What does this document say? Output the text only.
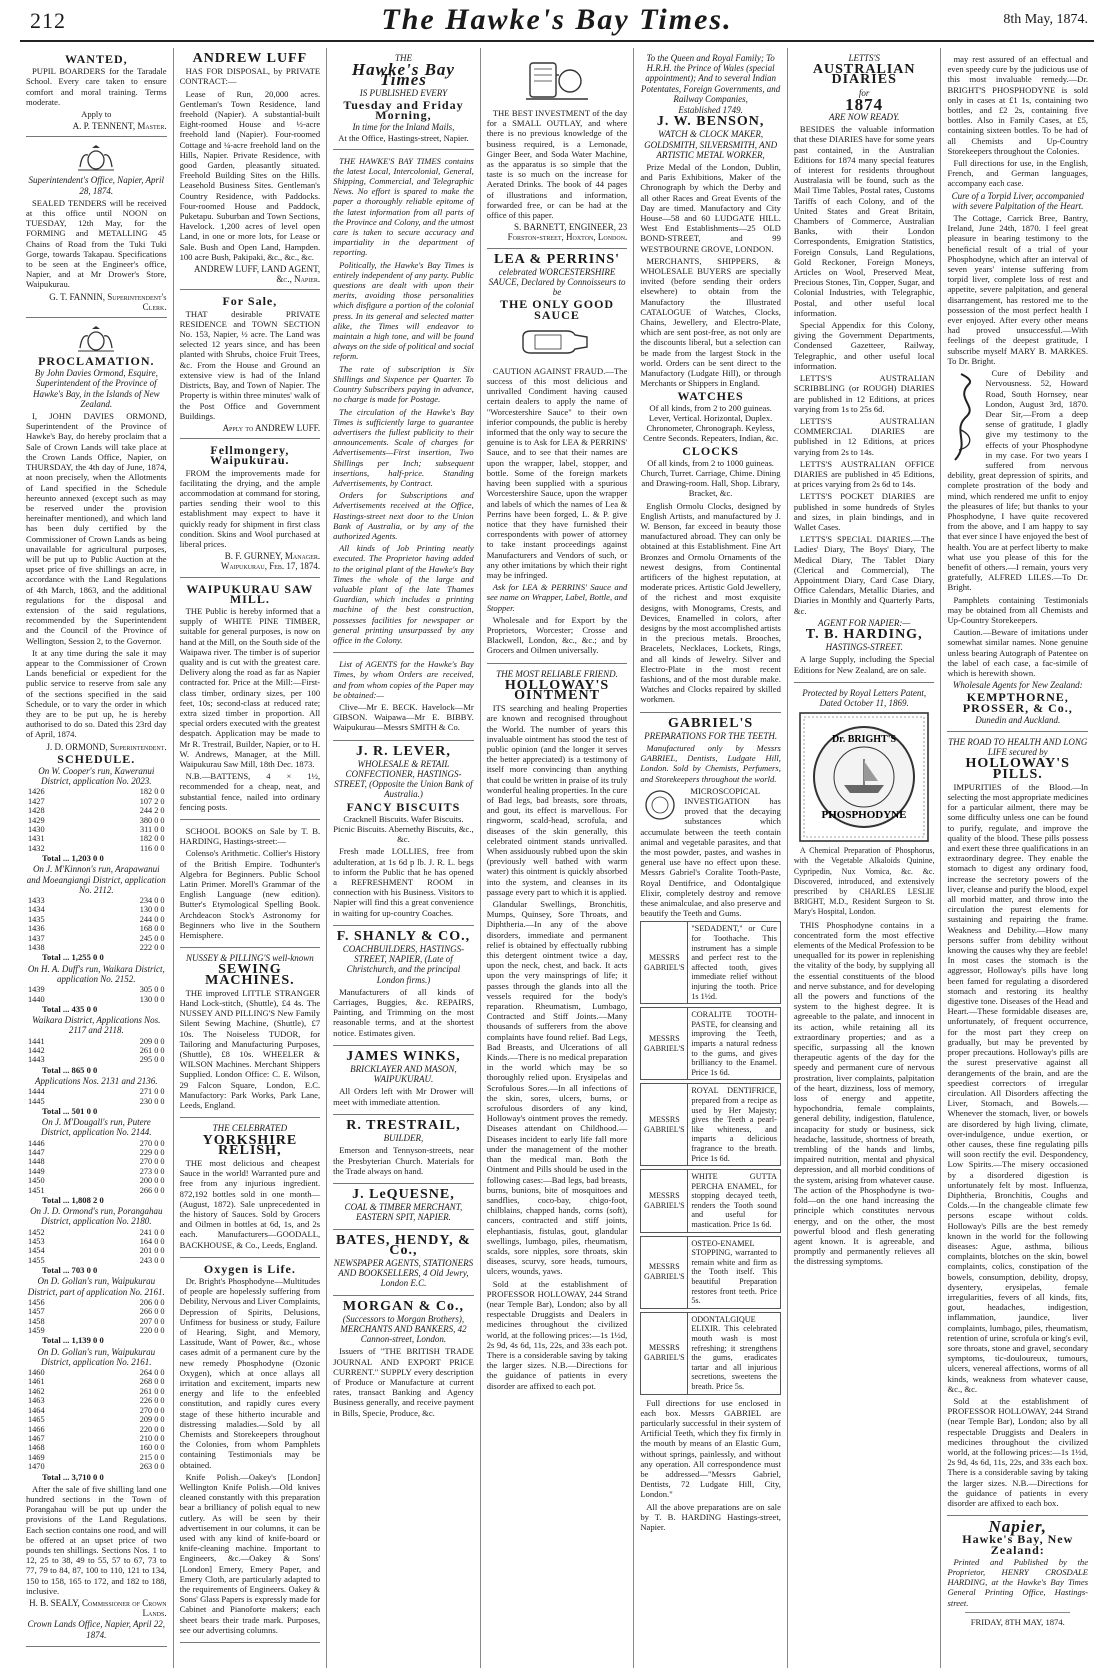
212	The Hawke's Bay Times.	8th May, 1874.
WANTED,

PUPIL BOARDERS for the Taradale School. Every care taken to ensure comfort and moral training. Terms moderate.

Apply to
A. P. TENNENT, Master.
Superintendent's Office, Napier, April 28, 1874.

SEALED TENDERS will be received at this office until NOON on TUESDAY, 12th May, for the FORMING and METALLING 45 Chains of Road from the Tuki Tuki Gorge, towards Takapau. Specifications to be seen at the Engineer's office, Napier, and at Mr Drower's Store, Waipukurau.

G. T. FANNIN, Superintendent's Clerk.
PROCLAMATION.
By John Davies Ormond, Esquire, Superintendent of the Province of Hawke's Bay, in the Islands of New Zealand.

I, JOHN DAVIES ORMOND, Superintendent of the Province of Hawke's Bay, do hereby proclaim that a Sale of Crown Lands will take place at the Crown Lands Office, Napier, on THURSDAY, the 4th day of June, 1874, at noon precisely, when the Allotments of Land specified in the Schedule hereunto annexed (except such as may be reserved under the provision hereinafter mentioned), and which land has been duly certified by the Commissioner of Crown Lands as being unavailable for agricultural purposes, will be put up to Public Auction at the upset price of five shillings an acre, in accordance with the Land Regulations of 4th March, 1863, and the additional regulations for the disposal and extension of the said regulations, recommended by the Superintendent and the Council of the Province of Wellington, Session 2, to the Governor.

It at any time during the sale it may appear to the Commissioner of Crown Lands beneficial or expedient for the public service to reserve from sale any of the sections specified in the said Schedule, or to vary the order in which they are to be put up, he is hereby authorised to do so. Dated this 23rd day of April, 1874.

J. D. ORMOND, Superintendent.
SCHEDULE.
On W. Cooper's run, Kaweranui District, application No. 2023.
1426	182 0 0
1427	107 2 0
1428	244 2 0
1429	380 0 0
1430	311 0 0
1431	182 0 0
1432	116 0 0
Total ... 1,203 0 0
On J. M'Kinnon's run, Arapawanui and Moeangiangi District, application No. 2112.
1433	234 0 0
1434	130 0 0
1435	244 0 0
1436	168 0 0
1437	245 0 0
1438	222 0 0
Total ... 1,255 0 0
On H. A. Duff's run, Waikara District, application No. 2152.
1439	305 0 0
1440	130 0 0
Total ... 435 0 0
Waikara District, Applications Nos. 2117 and 2118.
1441	209 0 0
1442	261 0 0
1443	295 0 0
Total ... 865 0 0
Applications Nos. 2131 and 2136.
1444	271 0 0
1445	230 0 0
Total ... 501 0 0
On J. M'Dougall's run, Putere District, application No. 2144.
1446	270 0 0
1447	229 0 0
1448	270 0 0
1449	273 0 0
1450	200 0 0
1451	266 0 0
Total ... 1,808 2 0
On J. D. Ormond's run, Porangahau District, application No. 2180.
1452	241 0 0
1453	164 0 0
1454	201 0 0
1455	243 0 0
Total ... 703 0 0
On D. Gollan's run, Waipukurau District, part of application No. 2161.
1456	206 0 0
1457	266 0 0
1458	207 0 0
1459	220 0 0
Total ... 1,139 0 0
On D. Gollan's run, Waipukurau District, application No. 2161.
1460	264 0 0
1461	268 0 0
1462	261 0 0
1463	226 0 0
1464	270 0 0
1465	209 0 0
1466	220 0 0
1467	210 0 0
1468	160 0 0
1469	215 0 0
1470	263 0 0
Total ... 3,710 0 0

After the sale of five shilling land one hundred sections in the Town of Porangahau will be put up under the provisions of the Land Regulations. Each section contains one rood, and will be offered at an upset price of two pounds ten shillings. Sections Nos. 1 to 12, 25 to 38, 49 to 55, 57 to 67, 73 to 77, 79 to 84, 87, 100 to 110, 121 to 134, 150 to 158, 165 to 172, and 182 to 188, inclusive.

H. B. SEALY, Commissioner of Crown Lands.
Crown Lands Office, Napier, April 22, 1874.
ANDREW LUFF

HAS FOR DISPOSAL, by PRIVATE CONTRACT:—

Lease of Run, 20,000 acres. Gentleman's Town Residence, land freehold (Napier). A substantial-built Eight-roomed House and ½-acre freehold land (Napier). Four-roomed Cottage and ¼-acre freehold land on the Hills, Napier. Private Residence, with good Garden, pleasantly situated. Freehold Building Sites on the Hills. Leasehold Business Sites. Gentleman's Country Residence, with Paddocks. Four-roomed House and Paddock, Puketapu. Suburban and Town Sections, Havelock. 1,200 acres of level open Land, in one or more lots, for Lease or Sale. Bush and Open Land, Hampden. 100 acre Bush, Pakipaki, &c., &c., &c.

ANDREW LUFF, LAND AGENT, &c., Napier.
For Sale,

THAT desirable PRIVATE RESIDENCE and TOWN SECTION No. 153, Napier, ½ acre. The Land was selected 12 years since, and has been planted with Shrubs, choice Fruit Trees, &c. From the House and Ground an extensive view is had of the Inland Districts, Bay, and Town of Napier. The Property is within three minutes' walk of the Post Office and Government Buildings.

Apply to ANDREW LUFF.
Fellmongery, Waipukurau.

FROM the improvements made for facilitating the drying, and the ample accommodation at command for storing, parties sending their wool to this establishment may expect to have it quickly ready for shipment in first class condition. Skins and Wool purchased at liberal prices.

B. F. GURNEY, Manager. Waipukurau, Feb. 17, 1874.
WAIPUKURAU SAW MILL.

THE Public is hereby informed that a supply of WHITE PINE TIMBER, suitable for general purposes, is now on hand at the Mill, on the South side of the Waipawa river. The timber is of superior quality and is cut with the greatest care. Delivery along the road as far as Napier contracted for. Price at the Mill:—First-class timber, ordinary sizes, per 100 feet, 10s; second-class at reduced rate; extra sized timber in proportion. All special orders executed with the greatest despatch. Application may be made to Mr R. Trestrail, Builder, Napier, or to H. W. Andrews, Manager, at the Mill. Waipukurau Saw Mill, 18th Dec. 1873.

N.B.—BATTENS, 4 × 1½, recommended for a cheap, neat, and substantial fence, nailed into ordinary fencing posts.

SCHOOL BOOKS on Sale by T. B. HARDING, Hastings-street:—

Colenso's Arithmetic. Collier's History of the British Empire. Todhunter's Algebra for Beginners. Public School Latin Primer. Morell's Grammar of the English Language (new edition). Butter's Etymological Spelling Book. Archdeacon Stock's Astronomy for Beginners who live in the Southern Hemisphere.

NUSSEY & PILLING'S well-known
SEWING MACHINES.

THE improved LITTLE STRANGER Hand Lock-stitch, (Shuttle), £4 4s. The NUSSEY AND PILLING'S New Family Silent Sewing Machine, (Shuttle), £7 10s. The Noiseless TUDOR, for Tailoring and Manufacturing Purposes, (Shuttle), £8 10s. WHEELER & WILSON Machines. Merchant Shippers Supplied. London Office: C. E. Wilson, 29 Falcon Square, London, E.C. Manufactory: Park Works, Park Lane, Leeds, England.

THE CELEBRATED
YORKSHIRE RELISH,

THE most delicious and cheapest Sauce in the world! Warranted pure and free from any injurious ingredient. 872,192 bottles sold in one month—(August, 1872). Sale unprecedented in the history of Sauces. Sold by Grocers and Oilmen in bottles at 6d, 1s, and 2s each. Manufacturers—GOODALL, BACKHOUSE, & Co., Leeds, England.

Oxygen is Life.

Dr. Bright's Phosphodyne—Multitudes of people are hopelessly suffering from Debility, Nervous and Liver Complaints, Depression of Spirits, Delusions, Unfitness for business or study, Failure of Hearing, Sight, and Memory, Lassitude, Want of Power, &c., whose cases admit of a permanent cure by the new remedy Phosphodyne (Ozonic Oxygen), which at once allays all irritation and excitement, imparts new energy and life to the enfeebled constitution, and rapidly cures every stage of these hitherto incurable and distressing maladies.—Sold by all Chemists and Storekeepers throughout the Colonies, from whom Pamphlets containing Testimonials may be obtained.

Knife Polish.—Oakey's [London] Wellington Knife Polish.—Old knives cleaned constantly with this preparation bear a brilliancy of polish equal to new cutlery. As will be seen by their advertisement in our columns, it can be used with any kind of knife-board or knife-cleaning machine. Important to Engineers, &c.—Oakey & Sons' [London] Emery, Emery Paper, and Emery Cloth, are particularly adapted to the requirements of Engineers. Oakey & Sons' Glass Papers is expressly made for Cabinet and Pianoforte makers; each sheet bears their trade mark. Purposes, see our advertising columns.

THE
Hawke's Bay Times
IS PUBLISHED EVERY
Tuesday and Friday Morning,
In time for the Inland Mails,
At the Office, Hastings-street, Napier.

THE HAWKE'S BAY TIMES contains the latest Local, Intercolonial, General, Shipping, Commercial, and Telegraphic News. No effort is spared to make the paper a thoroughly reliable epitome of the latest information from all parts of the Province and Colony, and the utmost care is taken to secure accuracy and impartiality in the department of reporting.

Politically, the Hawke's Bay Times is entirely independent of any party. Public questions are dealt with upon their merits, avoiding those personalities which disfigure a portion of the colonial press. In its general and selected matter alike, the Times will endeavor to maintain a high tone, and will be found always on the side of political and social reform.

The rate of subscription is Six Shillings and Sixpence per Quarter. To Country Subscribers paying in advance, no charge is made for Postage.

The circulation of the Hawke's Bay Times is sufficiently large to guarantee advertisers the fullest publicity to their announcements. Scale of charges for Advertisements—First insertion, Two Shillings per Inch; subsequent insertions, half-price. Standing Advertisements, by Contract.

Orders for Subscriptions and Advertisements received at the Office, Hastings-street next door to the Union Bank of Australia, or by any of the authorized Agents.

All kinds of Job Printing neatly executed. The Proprietor having added to the original plant of the Hawke's Bay Times the whole of the large and valuable plant of the late Thames Guardian, which includes a printing machine of the best construction, possesses facilities for newspaper or general printing unsurpassed by any office in the Colony.

List of AGENTS for the Hawke's Bay Times, by whom Orders are received, and from whom copies of the Paper may be obtained:—

Clive—Mr E. BECK. Havelock—Mr GIBSON. Waipawa—Mr E. BIBBY. Waipukurau—Messrs SMITH & Co.

J. R. LEVER,
WHOLESALE & RETAIL CONFECTIONER, HASTINGS-STREET, (Opposite the Union Bank of Australia.)
FANCY BISCUITS
Cracknell Biscuits. Wafer Biscuits. Picnic Biscuits. Abernethy Biscuits, &c., &c.

Fresh made LOLLIES, free from adulteration, at 1s 6d p lb. J. R. L. begs to inform the Public that he has opened a REFRESHMENT ROOM in connection with his Business. Visitors to Napier will find this a great convenience in waiting for up-country Coaches.

F. SHANLY & CO.,
COACHBUILDERS, HASTINGS-STREET, NAPIER, (Late of Christchurch, and the principal London firms.)

Manufacturers of all kinds of Carriages, Buggies, &c. REPAIRS, Painting, and Trimming on the most reasonable terms, and at the shortest notice. Estimates given.

JAMES WINKS,
BRICKLAYER AND MASON, WAIPUKURAU.

All Orders left with Mr Drower will meet with immediate attention.

R. TRESTRAIL,
BUILDER,

Emerson and Tennyson-streets, near the Presbyterian Church. Materials for the Trade always on hand.

J. LeQUESNE,
COAL & TIMBER MERCHANT, EASTERN SPIT, NAPIER.
BATES, HENDY, & Co.,
NEWSPAPER AGENTS, STATIONERS AND BOOKSELLERS, 4 Old Jewry, London E.C.
MORGAN & Co.,
(Successors to Morgan Brothers), MERCHANTS AND BANKERS, 42 Cannon-street, London.

Issuers of "THE BRITISH TRADE JOURNAL AND EXPORT PRICE CURRENT." SUPPLY every description of Produce or Manufacture at current rates, transact Banking and Agency Business generally, and receive payment in Bills, Specie, Produce, &c.

THE BEST INVESTMENT of the day for a SMALL OUTLAY, and where there is no previous knowledge of the business required, is a Lemonade, Ginger Beer, and Soda Water Machine, as the apparatus is so simple that the taste is so much on the increase for Aerated Drinks. The book of 44 pages of illustrations and information, forwarded free, or can be had at the office of this paper.

S. BARNETT, ENGINEER, 23 Forston-street, Hoxton, London.
LEA & PERRINS'
celebrated WORCESTERSHIRE SAUCE, Declared by Connoisseurs to be
THE ONLY GOOD SAUCE

CAUTION AGAINST FRAUD.—The success of this most delicious and unrivalled Condiment having caused certain dealers to apply the name of "Worcestershire Sauce" to their own inferior compounds, the public is hereby informed that the only way to secure the genuine is to Ask for LEA & PERRINS' Sauce, and to see that their names are upon the wrapper, label, stopper, and bottle. Some of the foreign markets having been supplied with a spurious Worcestershire Sauce, upon the wrapper and labels of which the names of Lea & Perrins have been forged, L. & P. give notice that they have furnished their correspondents with power of attorney to take instant proceedings against Manufacturers and Vendors of such, or any other imitations by which their right may be infringed.

Ask for LEA & PERRINS' Sauce and see name on Wrapper, Label, Bottle, and Stopper.

Wholesale and for Export by the Proprietors, Worcester; Crosse and Blackwell, London, &c., &c.; and by Grocers and Oilmen universally.

THE MOST RELIABLE FRIEND.
HOLLOWAY'S OINTMENT

ITS searching and healing Properties are known and recognised throughout the World. The number of years this invaluable ointment has stood the test of public opinion (and the longer it serves the better appreciated) is a testimony of itself more convincing than anything that could be written in praise of its truly wonderful healing properties. In the cure of Bad legs, bad breasts, sore throats, and gout, its effect is marvellous. For ringworm, scald-head, scrofula, and diseases of the skin generally, this celebrated ointment stands unrivalled. When assiduously rubbed upon the skin (previously well bathed with warm water) this ointment is quickly absorbed into the system, and cleanses in its passage every part to which it is applied.

Glandular Swellings, Bronchitis, Mumps, Quinsey, Sore Throats, and Diphtheria.—In any of the above disorders, immediate and permanent relief is obtained by effectually rubbing this detergent ointment twice a day, upon the neck, chest, and back. It acts upon the very mainsprings of life; it passes through the glands into all the vessels required for the body's reparation. Rheumatism, Lumbago, Contracted and Stiff Joints.—Many thousands of sufferers from the above complaints have found relief. Bad Legs, Bad Breasts, and Ulcerations of all Kinds.—There is no medical preparation in the world which may be so thoroughly relied upon. Erysipelas and Scrofulous Sores.—In all infections of the skin, sores, ulcers, burns, or scrofulous disorders of any kind, Holloway's ointment proves the remedy. Diseases attendant on Childhood.—Diseases incident to early life fall more under the management of the mother than the medical man. Both the Ointment and Pills should be used in the following cases:—Bad legs, bad breasts, burns, bunions, bite of mosquitoes and sandflies, coco-bay, chigo-foot, chilblains, chapped hands, corns (soft), cancers, contracted and stiff joints, elephantiasis, fistulas, gout, glandular swellings, lumbago, piles, rheumatism, scalds, sore nipples, sore throats, skin diseases, scurvy, sore heads, tumours, ulcers, wounds, yaws.

Sold at the establishment of PROFESSOR HOLLOWAY, 244 Strand (near Temple Bar), London; also by all respectable Druggists and Dealers in medicines throughout the civilized world, at the following prices:—1s 1½d, 2s 9d, 4s 6d, 11s, 22s, and 33s each pot. There is a considerable saving by taking the larger sizes. N.B.—Directions for the guidance of patients in every disorder are affixed to each pot.

To the Queen and Royal Family; To H.R.H. the Prince of Wales (special appointment); And to several Indian Potentates, Foreign Governments, and Railway Companies,
Established 1749.
J. W. BENSON,
WATCH & CLOCK MAKER, GOLDSMITH, SILVERSMITH, AND ARTISTIC METAL WORKER,

Prize Medal of the London, Dublin, and Paris Exhibitions, Maker of the Chronograph by which the Derby and all other Races and Great Events of the Day are timed. Manufactory and City House—58 and 60 LUDGATE HILL. West End Establishments—25 OLD BOND-STREET, and 99 WESTBOURNE GROVE, LONDON.

MERCHANTS, SHIPPERS, & WHOLESALE BUYERS are specially invited (before sending their orders elsewhere) to obtain from the Manufactory the Illustrated CATALOGUE of Watches, Clocks, Chains, Jewellery, and Electro-Plate, which are sent post-free, as not only are the discounts liberal, but a selection can be made from the largest Stock in the world. Orders can be sent direct to the Manufactory (Ludgate Hill), or through Merchants or Shippers in England.

WATCHES
Of all kinds, from 2 to 200 guineas. Lever, Vertical. Horizontal, Duplex. Chronometer, Chronograph. Keyless, Centre Seconds. Repeaters, Indian, &c.
CLOCKS
Of all kinds, from 2 to 1000 guineas. Church, Turret. Carriage, Chime. Dining and Drawing-room. Hall, Shop. Library, Bracket, &c.

English Ormolu Clocks, designed by English Artists, and manufactured by J. W. Benson, far exceed in beauty those manufactured abroad. They can only be obtained at this Establishment. Fine Art Bronzes and Ormolu Ornaments of the newest designs, from Continental artificers of the highest reputation, at moderate prices. Artistic Gold Jewellery, of the richest and most exquisite designs, with Monograms, Crests, and Devices, Enamelled in colors, after designs by the most accomplished artists in the precious metals. Brooches, Bracelets, Necklaces, Lockets, Rings, and all kinds of Jewelry. Silver and Electro-Plate in the most recent fashions, and of the most durable make. Watches and Clocks repaired by skilled workmen.

GABRIEL'S
PREPARATIONS FOR THE TEETH.

Manufactured only by Messrs GABRIEL, Dentists, Ludgate Hill, London. Sold by Chemists, Perfumers, and Storekeepers throughout the world.

MICROSCOPICAL INVESTIGATION has proved that the decaying substances which accumulate between the teeth contain animal and vegetable parasites, and that the most powder, pastes, and washes in general use have no effect upon these. Messrs Gabriel's Coralite Tooth-Paste, Royal Dentifrice, and Odontalgique Elixir, completely destroy and remove these animalculae, and also preserve and beautify the Teeth and Gums.

MESSRS GABRIEL'S
"SEDADENT," or Cure for Toothache. This instrument has a simple and perfect rest to the affected tooth, gives immediate relief without injuring the tooth. Price 1s 1½d.
MESSRS GABRIEL'S
CORALITE TOOTH-PASTE, for cleansing and improving the Teeth, imparts a natural redness to the gums, and gives brilliancy to the Enamel. Price 1s 6d.
MESSRS GABRIEL'S
ROYAL DENTIFRICE, prepared from a recipe as used by Her Majesty; gives the Teeth a pearl-like whiteness, and imparts a delicious fragrance to the breath. Price 1s 6d.
MESSRS GABRIEL'S
WHITE GUTTA PERCHA ENAMEL, for stopping decayed teeth, renders the Tooth sound and useful for mastication. Price 1s 6d.
MESSRS GABRIEL'S
OSTEO-ENAMEL STOPPING, warranted to remain white and firm as the Tooth itself. This beautiful Preparation restores front teeth. Price 5s.
MESSRS GABRIEL'S
ODONTALGIQUE ELIXIR. This celebrated mouth wash is most refreshing; it strengthens the gums, eradicates tartar and all injurious secretions, sweetens the breath. Price 5s.

Full directions for use enclosed in each box. Messrs GABRIEL are particularly successful in their system of Artificial Teeth, which they fix firmly in the mouth by means of an Elastic Gum, without springs, painlessly, and without any operation. All correspondence must be addressed—"Messrs Gabriel, Dentists, 72 Ludgate Hill, City, London."

All the above preparations are on sale by T. B. HARDING Hastings-street, Napier.

LETTS'S
AUSTRALIAN DIARIES
for
1874
ARE NOW READY.

BESIDES the valuable information that these DIARIES have for some years past contained, in the Australian Editions for 1874 many special features of interest for residents throughout Australasia will be found, such as the Mail Time Tables, Postal rates, Customs Tariffs of each Colony, and of the United States and Great Britain, Chambers of Commerce, Australian Banks, with their London Correspondents, Emigration Statistics, Foreign Consuls, Land Regulations, Gold Reckoner, Foreign Moneys, Articles on Wool, Preserved Meat, Precious Stones, Tin, Copper, Sugar, and Colonial Industries, with Telegraphic, Postal, and other useful local information.

Special Appendix for this Colony, giving the Government Departments, Condensed Gazetteer, Railway, Telegraphic, and other useful local information.

LETTS'S AUSTRALIAN SCRIBBLING (or ROUGH) DIARIES are published in 12 Editions, at prices varying from 1s to 25s 6d.

LETTS'S AUSTRALIAN COMMERCIAL DIARIES are published in 12 Editions, at prices varying from 2s to 14s.

LETTS'S AUSTRALIAN OFFICE DIARIES are published in 45 Editions, at prices varying from 2s 6d to 14s.

LETTS'S POCKET DIARIES are published in some hundreds of Styles and sizes, in plain bindings, and in Wallet Cases.

LETTS'S SPECIAL DIARIES.—The Ladies' Diary, The Boys' Diary, The Medical Diary, The Tablet Diary (Clerical and Commercial), The Appointment Diary, Card Case Diary, Office Calendars, Metallic Diaries, and Diaries in Monthly and Quarterly Parts, &c.

AGENT FOR NAPIER:—
T. B. HARDING,
HASTINGS-STREET.

A large Supply, including the Special Editions for New Zealand, are on sale.

Protected by Royal Letters Patent, Dated October 11, 1869.
Dr. BRIGHT'S
PHOSPHODYNE

A Chemical Preparation of Phosphorus, with the Vegetable Alkaloids Quinine, Cypripedin, Nux Vomica, &c. &c. Discovered, introduced, and extensively prescribed by CHARLES LESLIE BRIGHT, M.D., Resident Surgeon to St. Mary's Hospital, London.

THIS Phosphodyne contains in a concentrated form the most effective elements of the Medical Profession to be unequalled for its power in replenishing the vitality of the body, by supplying all the essential constituents of the blood and nerve substance, and for developing all the powers and functions of the system to the highest degree. It is agreeable to the palate, and innocent in its action, while retaining all its extraordinary properties; and as a specific, surpassing all the known therapeutic agents of the day for the speedy and permanent cure of nervous prostration, liver complaints, palpitation of the heart, dizziness, loss of memory, loss of energy and appetite, hypochondria, female complaints, general debility, indigestion, flatulence, incapacity for study or business, sick headache, lassitude, shortness of breath, trembling of the hands and limbs, impaired nutrition, mental and physical depression, and all morbid conditions of the system, arising from whatever cause. The action of the Phosphodyne is two-fold—on the one hand increasing the principle which constitutes nervous energy, and on the other, the most powerful blood and flesh generating agent known. It is agreeable, and promptly and permanently relieves all the distressing symptoms.

may rest assured of an effectual and even speedy cure by the judicious use of this most invaluable remedy.—Dr. BRIGHT'S PHOSPHODYNE is sold only in cases at £1 1s, containing two bottles, and £2 2s, containing five bottles. Also in Family Cases, at £5, containing sixteen bottles. To be had of all Chemists and Up-Country Storekeepers throughout the Colonies.

Full directions for use, in the English, French, and German languages, accompany each case.

Cure of a Torpid Liver, accompanied with severe Palpitation of the Heart.

The Cottage, Carrick Bree, Bantry, Ireland, June 24th, 1870. I feel great pleasure in bearing testimony to the beneficial result of a trial of your Phosphodyne, which after an interval of seven years' intense suffering from torpid liver, complete loss of rest and appetite, severe palpitation, and general disarrangement, has restored me to the possession of the most perfect health I ever enjoyed. After every other means had proved unsuccessful.—With feelings of the deepest gratitude, I subscribe myself MARY B. MARKES. To Dr. Bright.

Cure of Debility and Nervousness. 52, Howard Road, South Hornsey, near London, August 3rd, 1870. Dear Sir,—From a deep sense of gratitude, I gladly give my testimony to the effects of your Phosphodyne in my case. For two years I suffered from nervous debility, great depression of spirits, and complete prostration of the body and mind, which rendered me unfit to enjoy the pleasures of life; but thanks to your Phosphodyne, I have quite recovered from the above, and I am happy to say that ever since I have enjoyed the best of health. You are at perfect liberty to make what use you please of this for the benefit of others.—I remain, yours very gratefully, ALFRED LILES.—To Dr. Bright.

Pamphlets containing Testimonials may be obtained from all Chemists and Up-Country Storekeepers.

Caution.—Beware of imitations under somewhat similar names. None genuine unless bearing Autograph of Patentee on the label of each case, a fac-simile of which is herewith shown.

Wholesale Agents for New Zealand:
KEMPTHORNE, PROSSER, & Co.,
Dunedin and Auckland.
THE ROAD TO HEALTH AND LONG LIFE secured by
HOLLOWAY'S PILLS.

IMPURITIES of the Blood.—In selecting the most appropriate medicines for a particular ailment, there may be some difficulty unless one can be found to purify, regulate, and improve the quality of the blood. These pills possess and exert these three qualifications in an extraordinary degree. They enable the stomach to digest any ordinary food, increase the secretory powers of the liver, cleanse and purify the blood, expel all morbid matter, and throw into the circulation the purest elements for sustaining and repairing the frame. Weakness and Debility.—How many persons suffer from debility without knowing the causes why they are feeble! In most cases the stomach is the aggressor, Holloway's pills have long been famed for regulating a disordered stomach and restoring its healthy digestive tone. Diseases of the Head and Heart.—These formidable diseases are, unfortunately, of frequent occurrence, for the most part they creep on gradually, but may be prevented by proper precautions. Holloway's pills are the surest preservative against all derangements of the brain, and are the speediest correctors of irregular circulation. All Disorders affecting the Liver, Stomach, and Bowels.—Whenever the stomach, liver, or bowels are disordered by high living, climate, over-indulgence, undue exertion, or other causes, these fine regulating pills will soon rectify the evil. Despondency, Low Spirits.—The misery occasioned by a disordered digestion is unfortunately felt by most. Influenza, Diphtheria, Bronchitis, Coughs and Colds.—In the changeable climate few persons escape without colds. Holloway's Pills are the best remedy known in the world for the following diseases: Ague, asthma, bilious complaints, blotches on the skin, bowel complaints, colics, constipation of the bowels, consumption, debility, dropsy, dysentery, erysipelas, female irregularities, fevers of all kinds, fits, gout, headaches, indigestion, inflammation, jaundice, liver complaints, lumbago, piles, rheumatism, retention of urine, scrofula or king's evil, sore throats, stone and gravel, secondary symptoms, tic-douloureux, tumours, ulcers, venereal affections, worms of all kinds, weakness from whatever cause, &c., &c.

Sold at the establishment of PROFESSOR HOLLOWAY, 244 Strand (near Temple Bar), London; also by all respectable Druggists and Dealers in medicines throughout the civilized world, at the following prices:—1s 1½d, 2s 9d, 4s 6d, 11s, 22s, and 33s each box. There is a considerable saving by taking the larger sizes. N.B.—Directions for the guidance of patients in every disorder are affixed to each box.

Napier,
Hawke's Bay, New Zealand:

Printed and Published by the Proprietor, HENRY CROSDALE HARDING, at the Hawke's Bay Times General Printing Office, Hastings-street.

FRIDAY, 8TH MAY, 1874.
